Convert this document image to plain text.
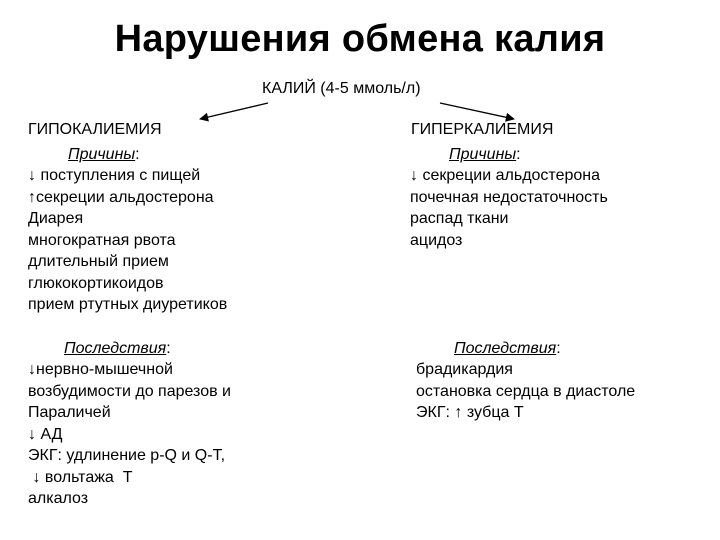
Нарушения обмена калия
КАЛИЙ (4-5 ммоль/л)
ГИПОКАЛИЕМИЯ
Причины:
↓ поступления с пищей
↑секреции альдостерона
Диарея
многократная рвота
длительный прием
глюкокортикоидов
прием ртутных диуретиков
Последствия:
↓нервно-мышечной
возбудимости до парезов и
Параличей
↓ АД
ЭКГ: удлинение p-Q и Q-T,
↓ вольтажа  T
алкалоз
ГИПЕРКАЛИЕМИЯ
Причины:
↓ секреции альдостерона
почечная недостаточность
распад ткани
ацидоз
Последствия:
брадикардия
остановка сердца в диастоле
ЭКГ: ↑ зубца Т
